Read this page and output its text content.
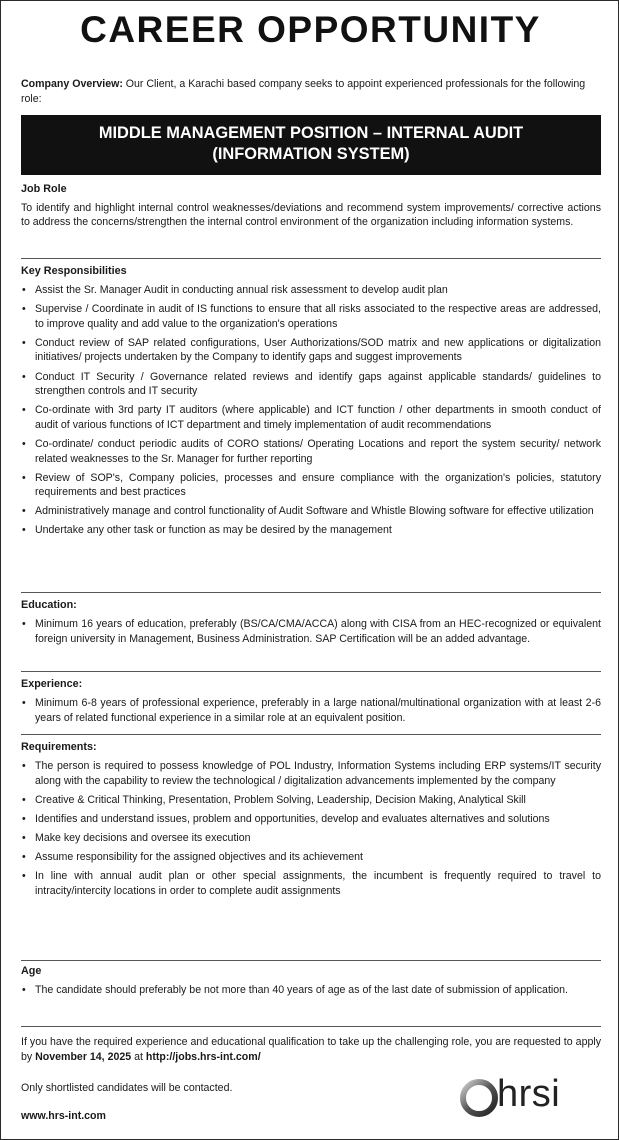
CAREER OPPORTUNITY
Company Overview: Our Client, a Karachi based company seeks to appoint experienced professionals for the following role:
MIDDLE MANAGEMENT POSITION – INTERNAL AUDIT
(INFORMATION SYSTEM)
Job Role
To identify and highlight internal control weaknesses/deviations and recommend system improvements/ corrective actions to address the concerns/strengthen the internal control environment of the organization including information systems.
Key Responsibilities
• Assist the Sr. Manager Audit in conducting annual risk assessment to develop audit plan
• Supervise / Coordinate in audit of IS functions to ensure that all risks associated to the respective areas are addressed, to improve quality and add value to the organization's operations
• Conduct review of SAP related configurations, User Authorizations/SOD matrix and new applications or digitalization initiatives/ projects undertaken by the Company to identify gaps and suggest improvements
• Conduct IT Security / Governance related reviews and identify gaps against applicable standards/ guidelines to strengthen controls and IT security
• Co-ordinate with 3rd party IT auditors (where applicable) and ICT function / other departments in smooth conduct of audit of various functions of ICT department and timely implementation of audit recommendations
• Co-ordinate/ conduct periodic audits of CORO stations/ Operating Locations and report the system security/ network related weaknesses to the Sr. Manager for further reporting
• Review of SOP's, Company policies, processes and ensure compliance with the organization's policies, statutory requirements and best practices
• Administratively manage and control functionality of Audit Software and Whistle Blowing software for effective utilization
• Undertake any other task or function as may be desired by the management
Education:
• Minimum 16 years of education, preferably (BS/CA/CMA/ACCA) along with CISA from an HEC-recognized or equivalent foreign university in Management, Business Administration. SAP Certification will be an added advantage.
Experience:
• Minimum 6-8 years of professional experience, preferably in a large national/multinational organization with at least 2-6 years of related functional experience in a similar role at an equivalent position.
Requirements:
• The person is required to possess knowledge of POL Industry, Information Systems including ERP systems/IT security along with the capability to review the technological / digitalization advancements implemented by the company
• Creative & Critical Thinking, Presentation, Problem Solving, Leadership, Decision Making, Analytical Skill
• Identifies and understand issues, problem and opportunities, develop and evaluates alternatives and solutions
• Make key decisions and oversee its execution
• Assume responsibility for the assigned objectives and its achievement
• In line with annual audit plan or other special assignments, the incumbent is frequently required to travel to intracity/intercity locations in order to complete audit assignments
Age
• The candidate should preferably be not more than 40 years of age as of the last date of submission of application.
If you have the required experience and educational qualification to take up the challenging role, you are requested to apply by November 14, 2025 at http://jobs.hrs-int.com/
Only shortlisted candidates will be contacted.
www.hrs-int.com
hrsi
